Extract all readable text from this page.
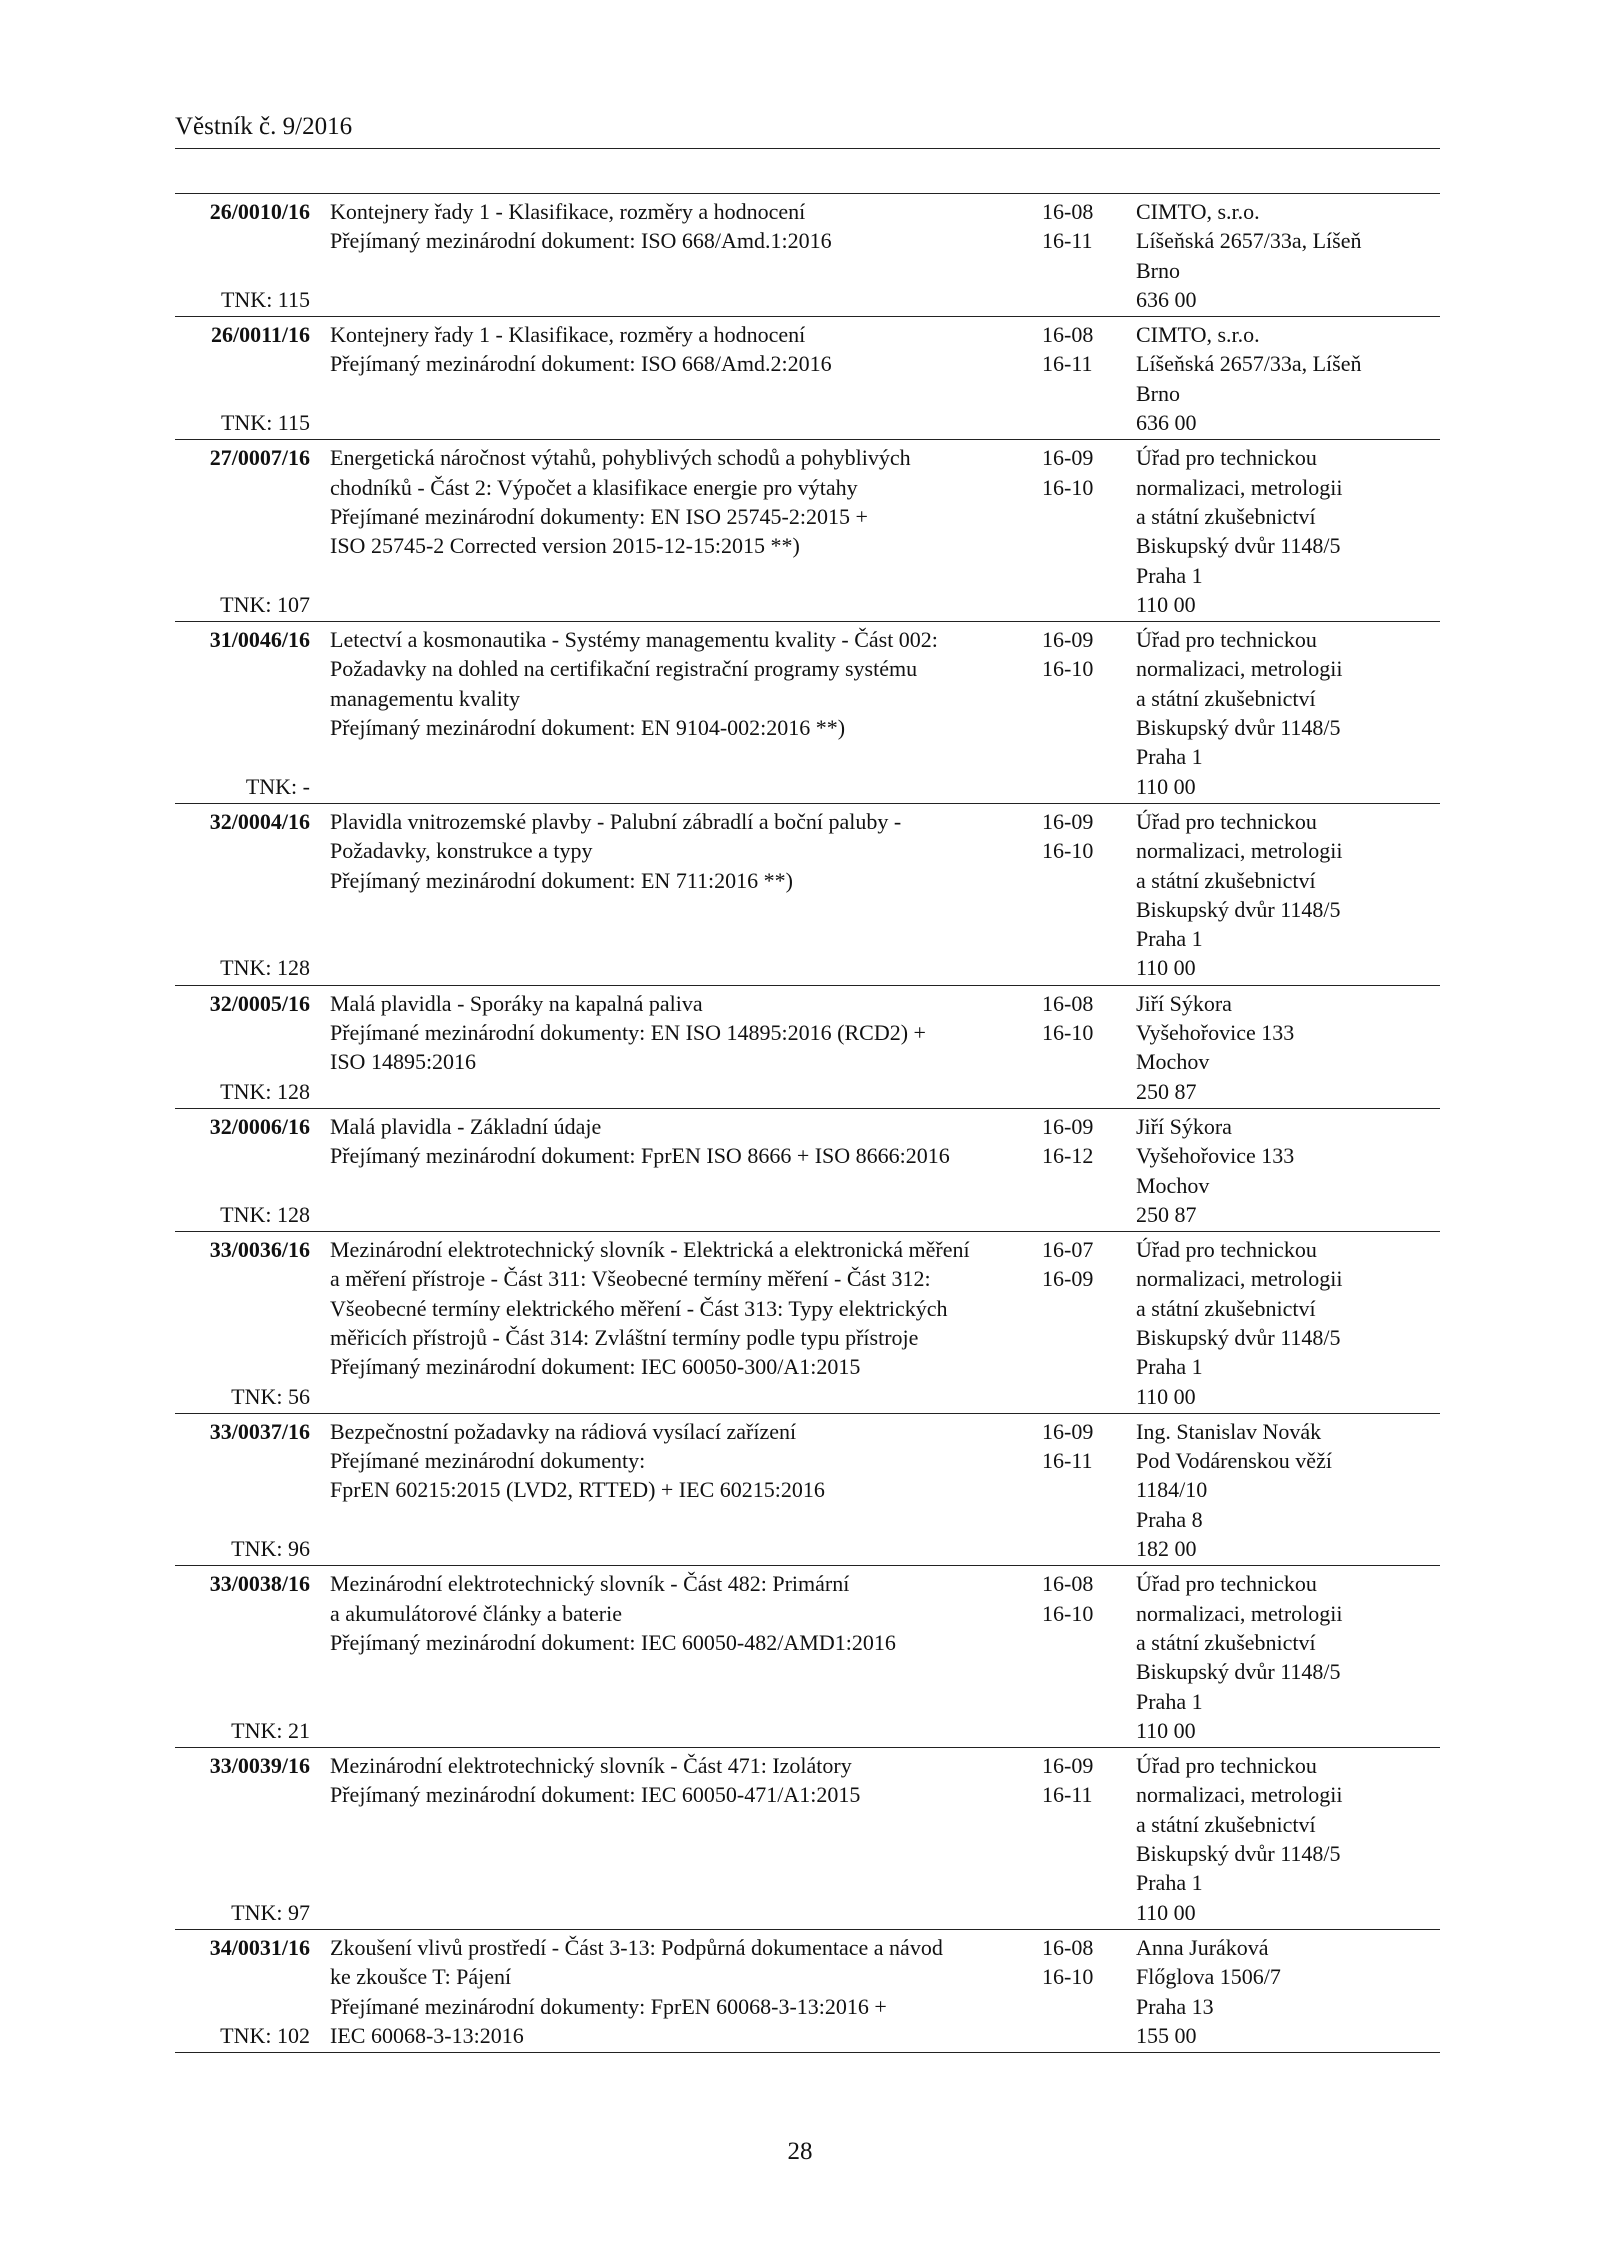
Věstník č. 9/2016
26/0010/16
TNK: 115
Kontejnery řady 1 - Klasifikace, rozměry a hodnocení
Přejímaný mezinárodní dokument: ISO 668/Amd.1:2016
16-08
16-11
CIMTO, s.r.o.
Líšeňská 2657/33a, Líšeň
Brno
636 00
26/0011/16
TNK: 115
Kontejnery řady 1 - Klasifikace, rozměry a hodnocení
Přejímaný mezinárodní dokument: ISO 668/Amd.2:2016
16-08
16-11
CIMTO, s.r.o.
Líšeňská 2657/33a, Líšeň
Brno
636 00
27/0007/16
TNK: 107
Energetická náročnost výtahů, pohyblivých schodů a pohyblivých
chodníků - Část 2: Výpočet a klasifikace energie pro výtahy
Přejímané mezinárodní dokumenty: EN ISO 25745-2:2015 +
ISO 25745-2 Corrected version 2015-12-15:2015 **)
16-09
16-10
Úřad pro technickou
normalizaci, metrologii
a státní zkušebnictví
Biskupský dvůr 1148/5
Praha 1
110 00
31/0046/16
TNK: -
Letectví a kosmonautika - Systémy managementu kvality - Část 002:
Požadavky na dohled na certifikační registrační programy systému
managementu kvality
Přejímaný mezinárodní dokument: EN 9104-002:2016 **)
16-09
16-10
Úřad pro technickou
normalizaci, metrologii
a státní zkušebnictví
Biskupský dvůr 1148/5
Praha 1
110 00
32/0004/16
TNK: 128
Plavidla vnitrozemské plavby - Palubní zábradlí a boční paluby -
Požadavky, konstrukce a typy
Přejímaný mezinárodní dokument: EN 711:2016 **)
16-09
16-10
Úřad pro technickou
normalizaci, metrologii
a státní zkušebnictví
Biskupský dvůr 1148/5
Praha 1
110 00
32/0005/16
TNK: 128
Malá plavidla - Sporáky na kapalná paliva
Přejímané mezinárodní dokumenty: EN ISO 14895:2016 (RCD2) +
ISO 14895:2016
16-08
16-10
Jiří Sýkora
Vyšehořovice 133
Mochov
250 87
32/0006/16
TNK: 128
Malá plavidla - Základní údaje
Přejímaný mezinárodní dokument: FprEN ISO 8666 + ISO 8666:2016
16-09
16-12
Jiří Sýkora
Vyšehořovice 133
Mochov
250 87
33/0036/16
TNK: 56
Mezinárodní elektrotechnický slovník - Elektrická a elektronická měření
a měření přístroje - Část 311: Všeobecné termíny měření - Část 312:
Všeobecné termíny elektrického měření - Část 313: Typy elektrických
měřicích přístrojů - Část 314: Zvláštní termíny podle typu přístroje
Přejímaný mezinárodní dokument: IEC 60050-300/A1:2015
16-07
16-09
Úřad pro technickou
normalizaci, metrologii
a státní zkušebnictví
Biskupský dvůr 1148/5
Praha 1
110 00
33/0037/16
TNK: 96
Bezpečnostní požadavky na rádiová vysílací zařízení
Přejímané mezinárodní dokumenty:
FprEN 60215:2015 (LVD2, RTTED) + IEC 60215:2016
16-09
16-11
Ing. Stanislav Novák
Pod Vodárenskou věží
1184/10
Praha 8
182 00
33/0038/16
TNK: 21
Mezinárodní elektrotechnický slovník - Část 482: Primární
a akumulátorové články a baterie
Přejímaný mezinárodní dokument: IEC 60050-482/AMD1:2016
16-08
16-10
Úřad pro technickou
normalizaci, metrologii
a státní zkušebnictví
Biskupský dvůr 1148/5
Praha 1
110 00
33/0039/16
TNK: 97
Mezinárodní elektrotechnický slovník - Část 471: Izolátory
Přejímaný mezinárodní dokument: IEC 60050-471/A1:2015
16-09
16-11
Úřad pro technickou
normalizaci, metrologii
a státní zkušebnictví
Biskupský dvůr 1148/5
Praha 1
110 00
34/0031/16
TNK: 102
Zkoušení vlivů prostředí - Část 3-13: Podpůrná dokumentace a návod
ke zkoušce T: Pájení
Přejímané mezinárodní dokumenty: FprEN 60068-3-13:2016 +
IEC 60068-3-13:2016
16-08
16-10
Anna Juráková
Flőglova 1506/7
Praha 13
155 00
28
